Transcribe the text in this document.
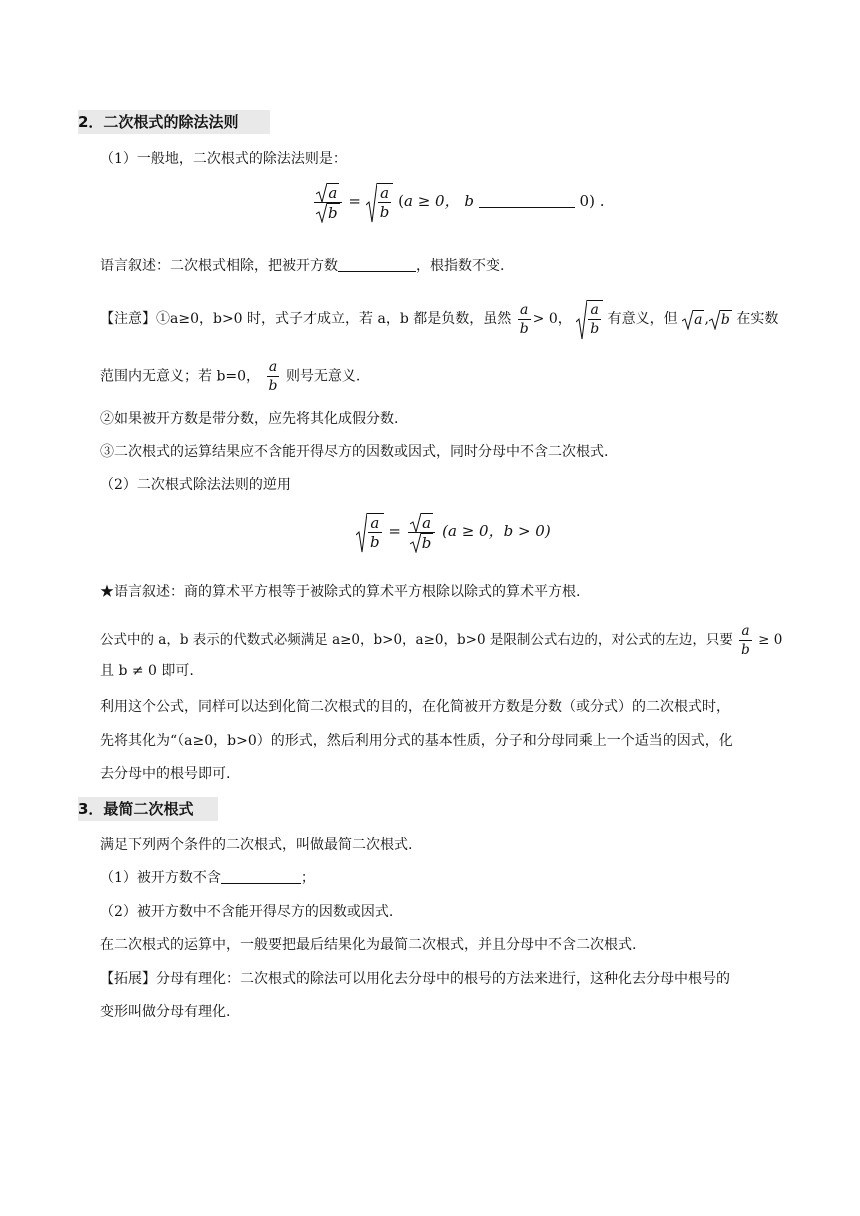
2．二次根式的除法法则
（1）一般地，二次根式的除法法则是：
$\frac{a}{b} = \frac{a}{b} (a \ge 0$， b	0) .
语言叙述：二次根式相除，把被开方数	，根指数不变.
【注意】①a≥0，b>0 时，式子才成立，若 a，b 都是负数，虽然 $\frac{a}{b} > 0$， $\frac{a}{b}$ 有意义，但 a , b 在实数
范围内无意义；若 b=0， $\frac{a}{b}$ 则号无意义.
②如果被开方数是带分数，应先将其化成假分数.
③二次根式的运算结果应不含能开得尽方的因数或因式，同时分母中不含二次根式.
（2）二次根式除法法则的逆用
$\frac{a}{b} = \frac{a}{b} (a \ge 0$，b > 0)
★语言叙述：商的算术平方根等于被除式的算术平方根除以除式的算术平方根.
公式中的 a，b 表示的代数式必频满足 a≥0，b>0，a≥0，b>0 是限制公式右边的，对公式的左边，只要 $\frac{a}{b} \ge 0$
且 b ≠ 0 即可.
利用这个公式，同样可以达到化简二次根式的目的，在化简被开方数是分数（或分式）的二次根式时，
先将其化为“（a≥0，b>0）的形式，然后利用分式的基本性质，分子和分母同乘上一个适当的因式，化
去分母中的根号即可.
3．最简二次根式
满足下列两个条件的二次根式，叫做最简二次根式.
（1）被开方数不含	；
（2）被开方数中不含能开得尽方的因数或因式.
在二次根式的运算中，一般要把最后结果化为最简二次根式，并且分母中不含二次根式.
【拓展】分母有理化：二次根式的除法可以用化去分母中的根号的方法来进行，这种化去分母中根号的
变形叫做分母有理化.
